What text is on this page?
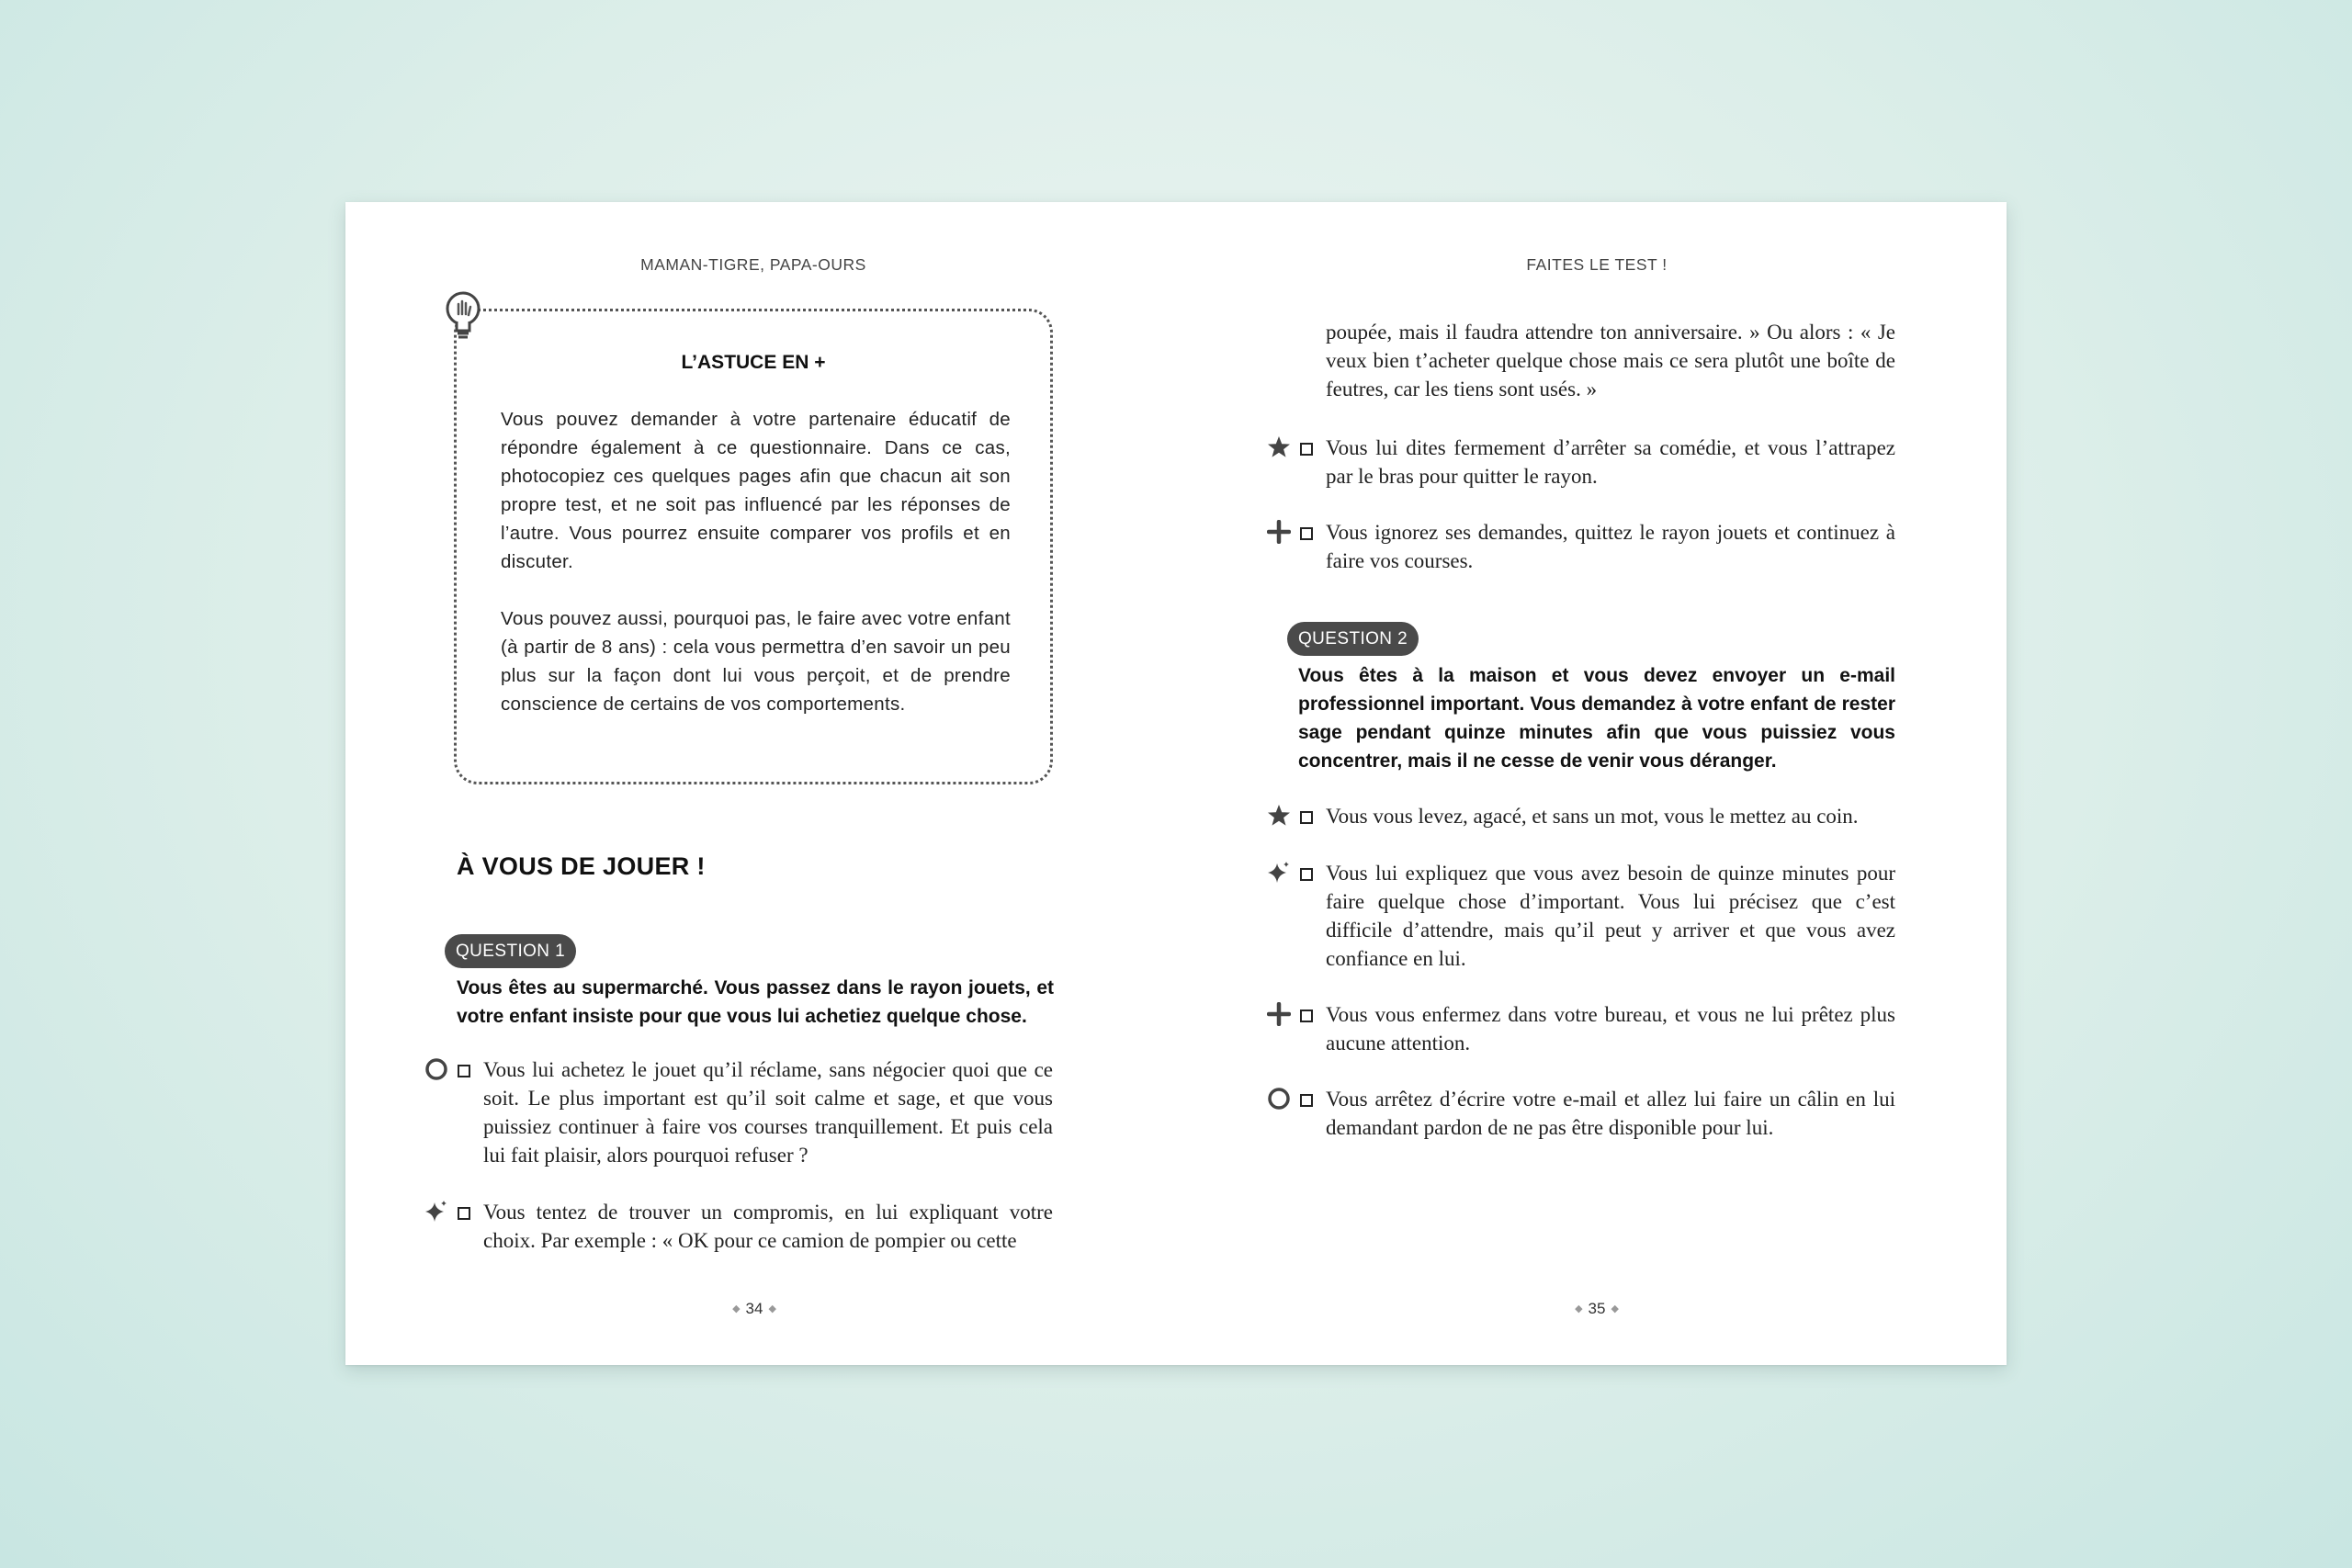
MAMAN-TIGRE, PAPA-OURS
L’ASTUCE EN +

Vous pouvez demander à votre partenaire éducatif de répondre également à ce questionnaire. Dans ce cas, photocopiez ces quelques pages afin que chacun ait son propre test, et ne soit pas influencé par les réponses de l’autre. Vous pourrez ensuite comparer vos profils et en discuter.

Vous pouvez aussi, pourquoi pas, le faire avec votre enfant (à partir de 8 ans) : cela vous permettra d’en savoir un peu plus sur la façon dont lui vous perçoit, et de prendre conscience de certains de vos comportements.

À VOUS DE JOUER !
QUESTION 1
Vous êtes au supermarché. Vous passez dans le rayon jouets, et votre enfant insiste pour que vous lui achetiez quelque chose.
Vous lui achetez le jouet qu’il réclame, sans négocier quoi que ce soit. Le plus important est qu’il soit calme et sage, et que vous puissiez continuer à faire vos courses tranquillement. Et puis cela lui fait plaisir, alors pourquoi refuser ?
Vous tentez de trouver un compromis, en lui expliquant votre choix. Par exemple : « OK pour ce camion de pompier ou cette
◆ 34 ◆
FAITES LE TEST !
poupée, mais il faudra attendre ton anniversaire. » Ou alors : « Je veux bien t’acheter quelque chose mais ce sera plutôt une boîte de feutres, car les tiens sont usés. »
Vous lui dites fermement d’arrêter sa comédie, et vous l’attrapez par le bras pour quitter le rayon.
Vous ignorez ses demandes, quittez le rayon jouets et continuez à faire vos courses.
QUESTION 2
Vous êtes à la maison et vous devez envoyer un e-mail professionnel important. Vous demandez à votre enfant de rester sage pendant quinze minutes afin que vous puissiez vous concentrer, mais il ne cesse de venir vous déranger.
Vous vous levez, agacé, et sans un mot, vous le mettez au coin.
Vous lui expliquez que vous avez besoin de quinze minutes pour faire quelque chose d’important. Vous lui précisez que c’est difficile d’attendre, mais qu’il peut y arriver et que vous avez confiance en lui.
Vous vous enfermez dans votre bureau, et vous ne lui prêtez plus aucune attention.
Vous arrêtez d’écrire votre e-mail et allez lui faire un câlin en lui demandant pardon de ne pas être disponible pour lui.
◆ 35 ◆
